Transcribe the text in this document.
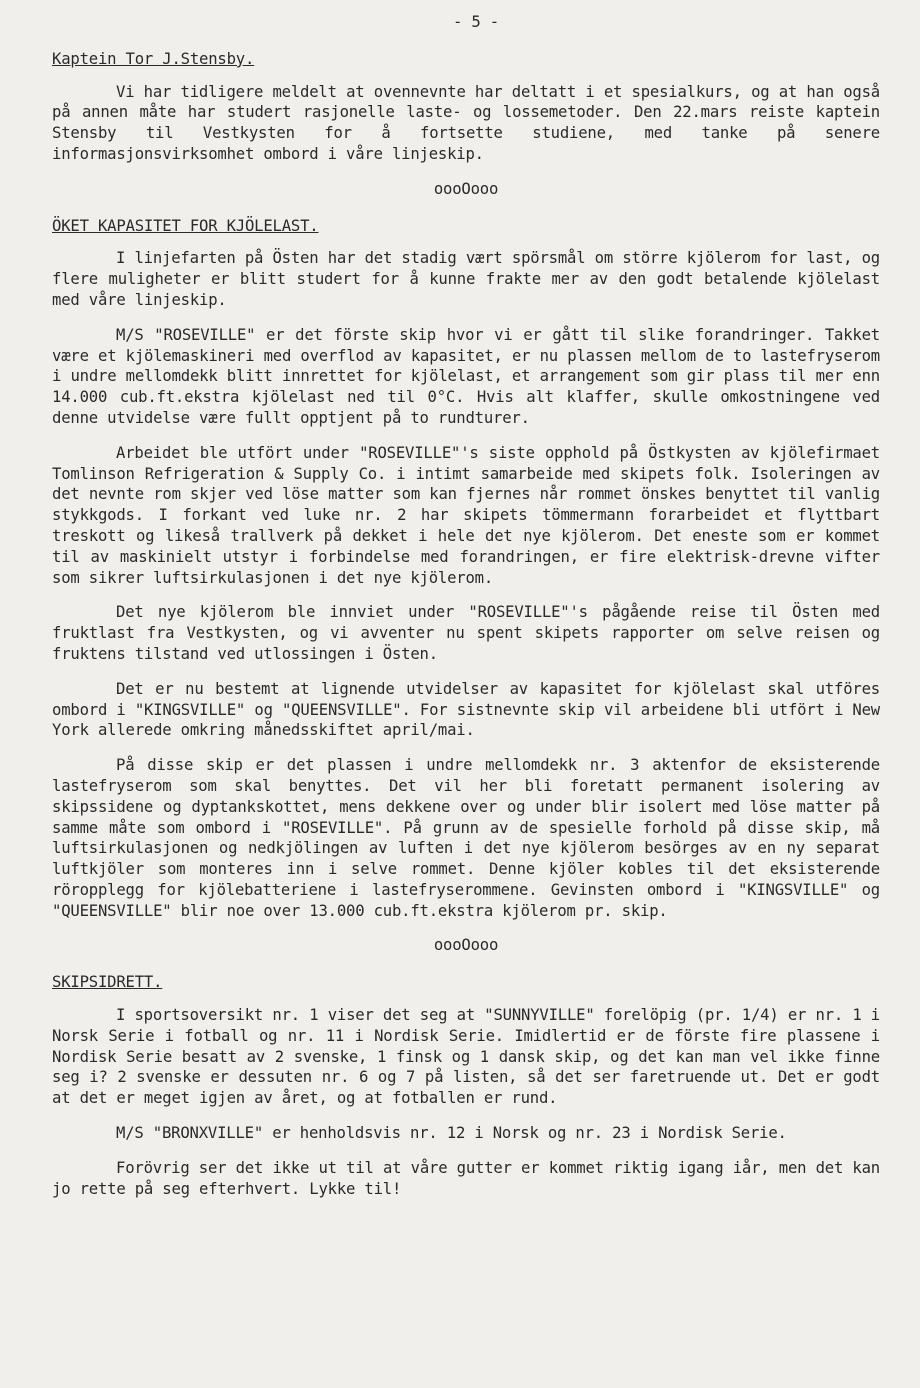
- 5 -
Kaptein Tor J.Stensby.

Vi har tidligere meldelt at ovennevnte har deltatt i et spesialkurs, og at han også på annen måte har studert rasjonelle laste- og lossemetoder. Den 22.mars reiste kaptein Stensby til Vestkysten for å fortsette studiene, med tanke på senere informasjonsvirksomhet ombord i våre linjeskip.

oooOooo
ÖKET KAPASITET FOR KJÖLELAST.

I linjefarten på Östen har det stadig vært spörsmål om större kjölerom for last, og flere muligheter er blitt studert for å kunne frakte mer av den godt betalende kjölelast med våre linjeskip.

M/S "ROSEVILLE" er det förste skip hvor vi er gått til slike forandringer. Takket være et kjölemaskineri med overflod av kapasitet, er nu plassen mellom de to lastefryserom i undre mellomdekk blitt innrettet for kjölelast, et arrangement som gir plass til mer enn 14.000 cub.ft.ekstra kjölelast ned til 0°C. Hvis alt klaffer, skulle omkostningene ved denne utvidelse være fullt opptjent på to rundturer.

Arbeidet ble utfört under "ROSEVILLE"'s siste opphold på Östkysten av kjölefirmaet Tomlinson Refrigeration & Supply Co. i intimt samarbeide med skipets folk. Isoleringen av det nevnte rom skjer ved löse matter som kan fjernes når rommet önskes benyttet til vanlig stykkgods. I forkant ved luke nr. 2 har skipets tömmermann forarbeidet et flyttbart treskott og likeså trallverk på dekket i hele det nye kjölerom. Det eneste som er kommet til av maskinielt utstyr i forbindelse med forandringen, er fire elektrisk-drevne vifter som sikrer luftsirkulasjonen i det nye kjölerom.

Det nye kjölerom ble innviet under "ROSEVILLE"'s pågående reise til Östen med fruktlast fra Vestkysten, og vi avventer nu spent skipets rapporter om selve reisen og fruktens tilstand ved utlossingen i Östen.

Det er nu bestemt at lignende utvidelser av kapasitet for kjölelast skal utföres ombord i "KINGSVILLE" og "QUEENSVILLE". For sistnevnte skip vil arbeidene bli utfört i New York allerede omkring månedsskiftet april/mai.

På disse skip er det plassen i undre mellomdekk nr. 3 aktenfor de eksisterende lastefryserom som skal benyttes. Det vil her bli foretatt permanent isolering av skipssidene og dyptankskottet, mens dekkene over og under blir isolert med löse matter på samme måte som ombord i "ROSEVILLE". På grunn av de spesielle forhold på disse skip, må luftsirkulasjonen og nedkjölingen av luften i det nye kjölerom besörges av en ny separat luftkjöler som monteres inn i selve rommet. Denne kjöler kobles til det eksisterende röropplegg for kjölebatteriene i lastefryserommene. Gevinsten ombord i "KINGSVILLE" og "QUEENSVILLE" blir noe over 13.000 cub.ft.ekstra kjölerom pr. skip.

oooOooo
SKIPSIDRETT.

I sportsoversikt nr. 1 viser det seg at "SUNNYVILLE" forelöpig (pr. 1/4) er nr. 1 i Norsk Serie i fotball og nr. 11 i Nordisk Serie. Imidlertid er de förste fire plassene i Nordisk Serie besatt av 2 svenske, 1 finsk og 1 dansk skip, og det kan man vel ikke finne seg i? 2 svenske er dessuten nr. 6 og 7 på listen, så det ser faretruende ut. Det er godt at det er meget igjen av året, og at fotballen er rund.

M/S "BRONXVILLE" er henholdsvis nr. 12 i Norsk og nr. 23 i Nordisk Serie.

Forövrig ser det ikke ut til at våre gutter er kommet riktig igang iår, men det kan jo rette på seg efterhvert. Lykke til!
